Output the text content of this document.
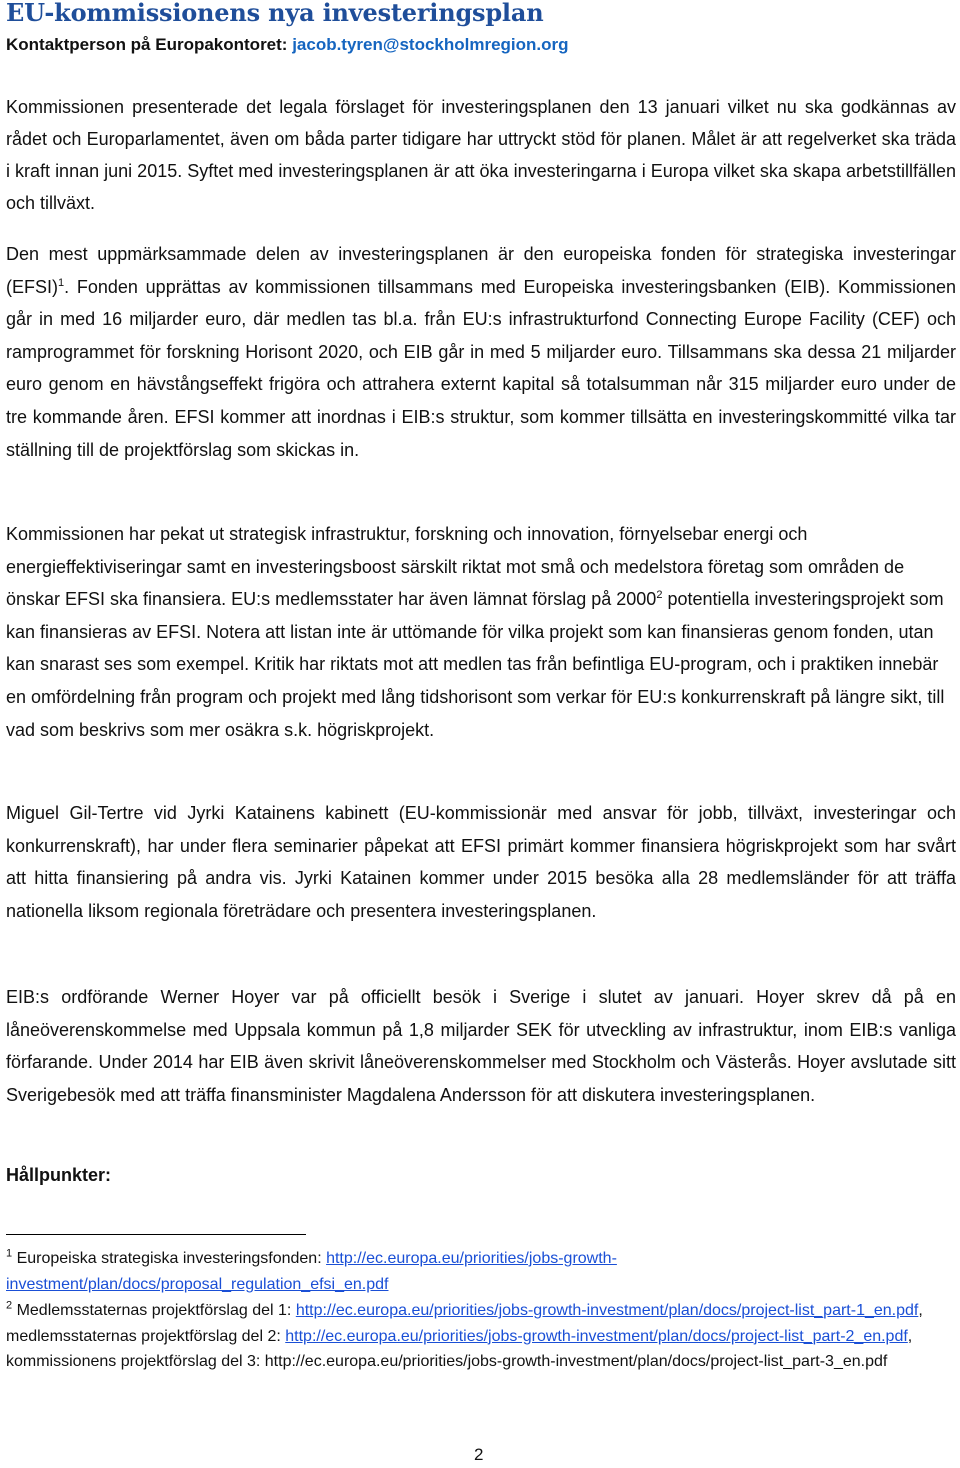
EU-kommissionens nya investeringsplan
Kontaktperson på Europakontoret: jacob.tyren@stockholmregion.org

Kommissionen presenterade det legala förslaget för investeringsplanen den 13 januari vilket nu ska godkännas av rådet och Europarlamentet, även om båda parter tidigare har uttryckt stöd för planen. Målet är att regelverket ska träda i kraft innan juni 2015. Syftet med investeringsplanen är att öka investeringarna i Europa vilket ska skapa arbetstillfällen och tillväxt.

Den mest uppmärksammade delen av investeringsplanen är den europeiska fonden för strategiska investeringar (EFSI)$^1$. Fonden upprättas av kommissionen tillsammans med Europeiska investeringsbanken (EIB). Kommissionen går in med 16 miljarder euro, där medlen tas bl.a. från EU:s infrastrukturfond Connecting Europe Facility (CEF) och ramprogrammet för forskning Horisont 2020, och EIB går in med 5 miljarder euro. Tillsammans ska dessa 21 miljarder euro genom en hävstångseffekt frigöra och attrahera externt kapital så totalsumman når 315 miljarder euro under de tre kommande åren. EFSI kommer att inordnas i EIB:s struktur, som kommer tillsätta en investeringskommitté vilka tar ställning till de projektförslag som skickas in.

Kommissionen har pekat ut strategisk infrastruktur, forskning och innovation, förnyelsebar energi och energieffektiviseringar samt en investeringsboost särskilt riktat mot små och medelstora företag som områden de önskar EFSI ska finansiera. EU:s medlemsstater har även lämnat förslag på 2000$^2$ potentiella investeringsprojekt som kan finansieras av EFSI. Notera att listan inte är uttömande för vilka projekt som kan finansieras genom fonden, utan kan snarast ses som exempel. Kritik har riktats mot att medlen tas från befintliga EU-program, och i praktiken innebär en omfördelning från program och projekt med lång tidshorisont som verkar för EU:s konkurrenskraft på längre sikt, till vad som beskrivs som mer osäkra s.k. högriskprojekt.

Miguel Gil-Tertre vid Jyrki Katainens kabinett (EU-kommissionär med ansvar för jobb, tillväxt, investeringar och konkurrenskraft), har under flera seminarier påpekat att EFSI primärt kommer finansiera högriskprojekt som har svårt att hitta finansiering på andra vis. Jyrki Katainen kommer under 2015 besöka alla 28 medlemsländer för att träffa nationella liksom regionala företrädare och presentera investeringsplanen.

EIB:s ordförande Werner Hoyer var på officiellt besök i Sverige i slutet av januari. Hoyer skrev då på en låneöverenskommelse med Uppsala kommun på 1,8 miljarder SEK för utveckling av infrastruktur, inom EIB:s vanliga förfarande. Under 2014 har EIB även skrivit låneöverenskommelser med Stockholm och Västerås. Hoyer avslutade sitt Sverigebesök med att träffa finansminister Magdalena Andersson för att diskutera investeringsplanen.

Hållpunkter:

$^1$ Europeiska strategiska investeringsfonden: http://ec.europa.eu/priorities/jobs-growth-investment/plan/docs/proposal_regulation_efsi_en.pdf

$^2$ Medlemsstaternas projektförslag del 1: http://ec.europa.eu/priorities/jobs-growth-investment/plan/docs/project-list_part-1_en.pdf, medlemsstaternas projektförslag del 2: http://ec.europa.eu/priorities/jobs-growth-investment/plan/docs/project-list_part-2_en.pdf, kommissionens projektförslag del 3: http://ec.europa.eu/priorities/jobs-growth-investment/plan/docs/project-list_part-3_en.pdf

2
